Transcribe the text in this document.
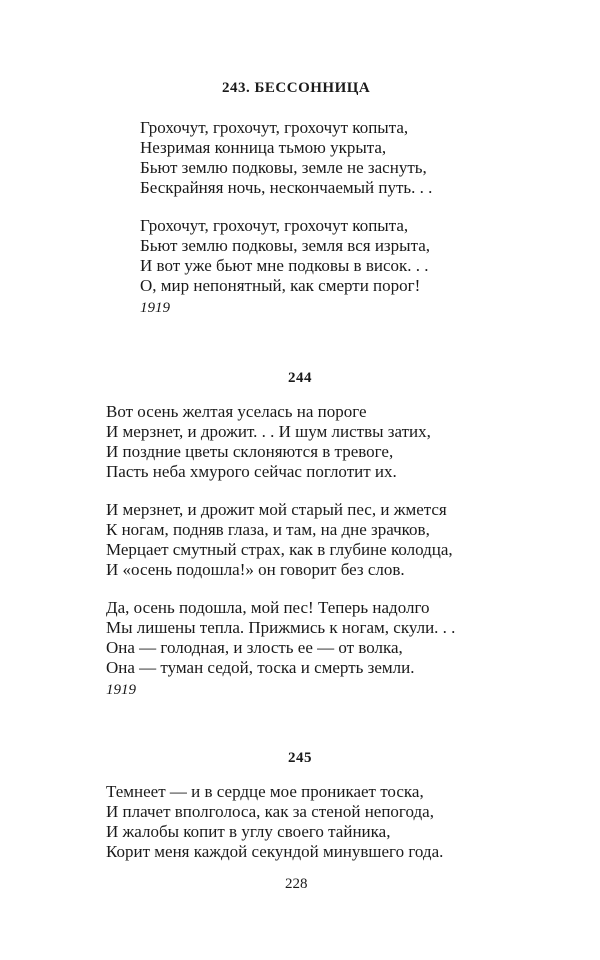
243. БЕССОННИЦА
Грохочут, грохочут, грохочут копыта,
Незримая конница тьмою укрыта,
Бьют землю подковы, земле не заснуть,
Бескрайняя ночь, нескончаемый путь. . .
Грохочут, грохочут, грохочут копыта,
Бьют землю подковы, земля вся изрыта,
И вот уже бьют мне подковы в висок. . .
О, мир непонятный, как смерти порог!
1919
244
Вот осень желтая уселась на пороге
И мерзнет, и дрожит. . . И шум листвы затих,
И поздние цветы склоняются в тревоге,
Пасть неба хмурого сейчас поглотит их.
И мерзнет, и дрожит мой старый пес, и жмется
К ногам, подняв глаза, и там, на дне зрачков,
Мерцает смутный страх, как в глубине колодца,
И «осень подошла!» он говорит без слов.
Да, осень подошла, мой пес! Теперь надолго
Мы лишены тепла. Прижмись к ногам, скули. . .
Она — голодная, и злость ее — от волка,
Она — туман седой, тоска и смерть земли.
1919
245
Темнеет — и в сердце мое проникает тоска,
И плачет вполголоса, как за стеной непогода,
И жалобы копит в углу своего тайника,
Корит меня каждой секундой минувшего года.
228
